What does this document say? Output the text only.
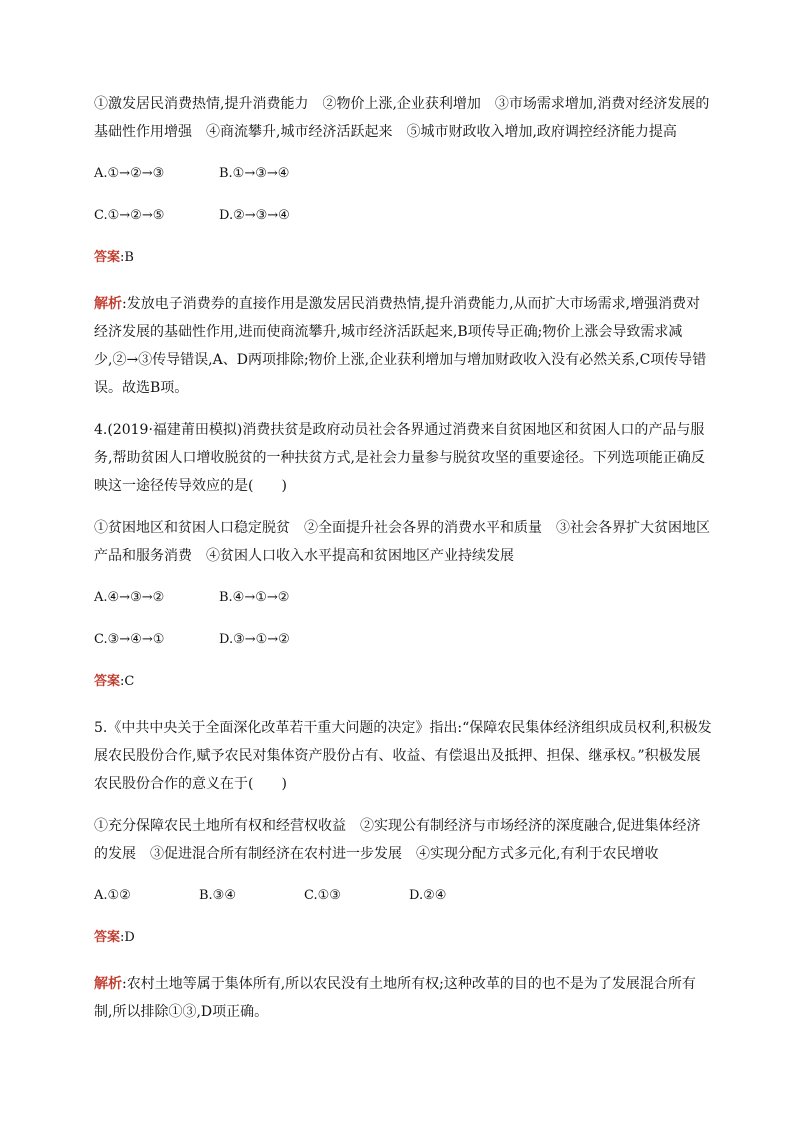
①激发居民消费热情,提升消费能力　②物价上涨,企业获利增加　③市场需求增加,消费对经济发展的基础性作用增强　④商流攀升,城市经济活跃起来　⑤城市财政收入增加,政府调控经济能力提高

A.①→②→③	B.①→③→④
C.①→②→⑤	D.②→③→④

答案:B

解析:发放电子消费券的直接作用是激发居民消费热情,提升消费能力,从而扩大市场需求,增强消费对经济发展的基础性作用,进而使商流攀升,城市经济活跃起来,B项传导正确;物价上涨会导致需求减少,②→③传导错误,A、D两项排除;物价上涨,企业获利增加与增加财政收入没有必然关系,C项传导错误。故选B项。

4.(2019·福建莆田模拟)消费扶贫是政府动员社会各界通过消费来自贫困地区和贫困人口的产品与服务,帮助贫困人口增收脱贫的一种扶贫方式,是社会力量参与脱贫攻坚的重要途径。下列选项能正确反映这一途径传导效应的是(　　)

①贫困地区和贫困人口稳定脱贫　②全面提升社会各界的消费水平和质量　③社会各界扩大贫困地区产品和服务消费　④贫困人口收入水平提高和贫困地区产业持续发展

A.④→③→②	B.④→①→②
C.③→④→①	D.③→①→②

答案:C

5.《中共中央关于全面深化改革若干重大问题的决定》指出:“保障农民集体经济组织成员权利,积极发展农民股份合作,赋予农民对集体资产股份占有、收益、有偿退出及抵押、担保、继承权。”积极发展农民股份合作的意义在于(　　)

①充分保障农民土地所有权和经营权收益　②实现公有制经济与市场经济的深度融合,促进集体经济的发展　③促进混合所有制经济在农村进一步发展　④实现分配方式多元化,有利于农民增收

A.①②	B.③④	C.①③	D.②④

答案:D

解析:农村土地等属于集体所有,所以农民没有土地所有权;这种改革的目的也不是为了发展混合所有制,所以排除①③,D项正确。
